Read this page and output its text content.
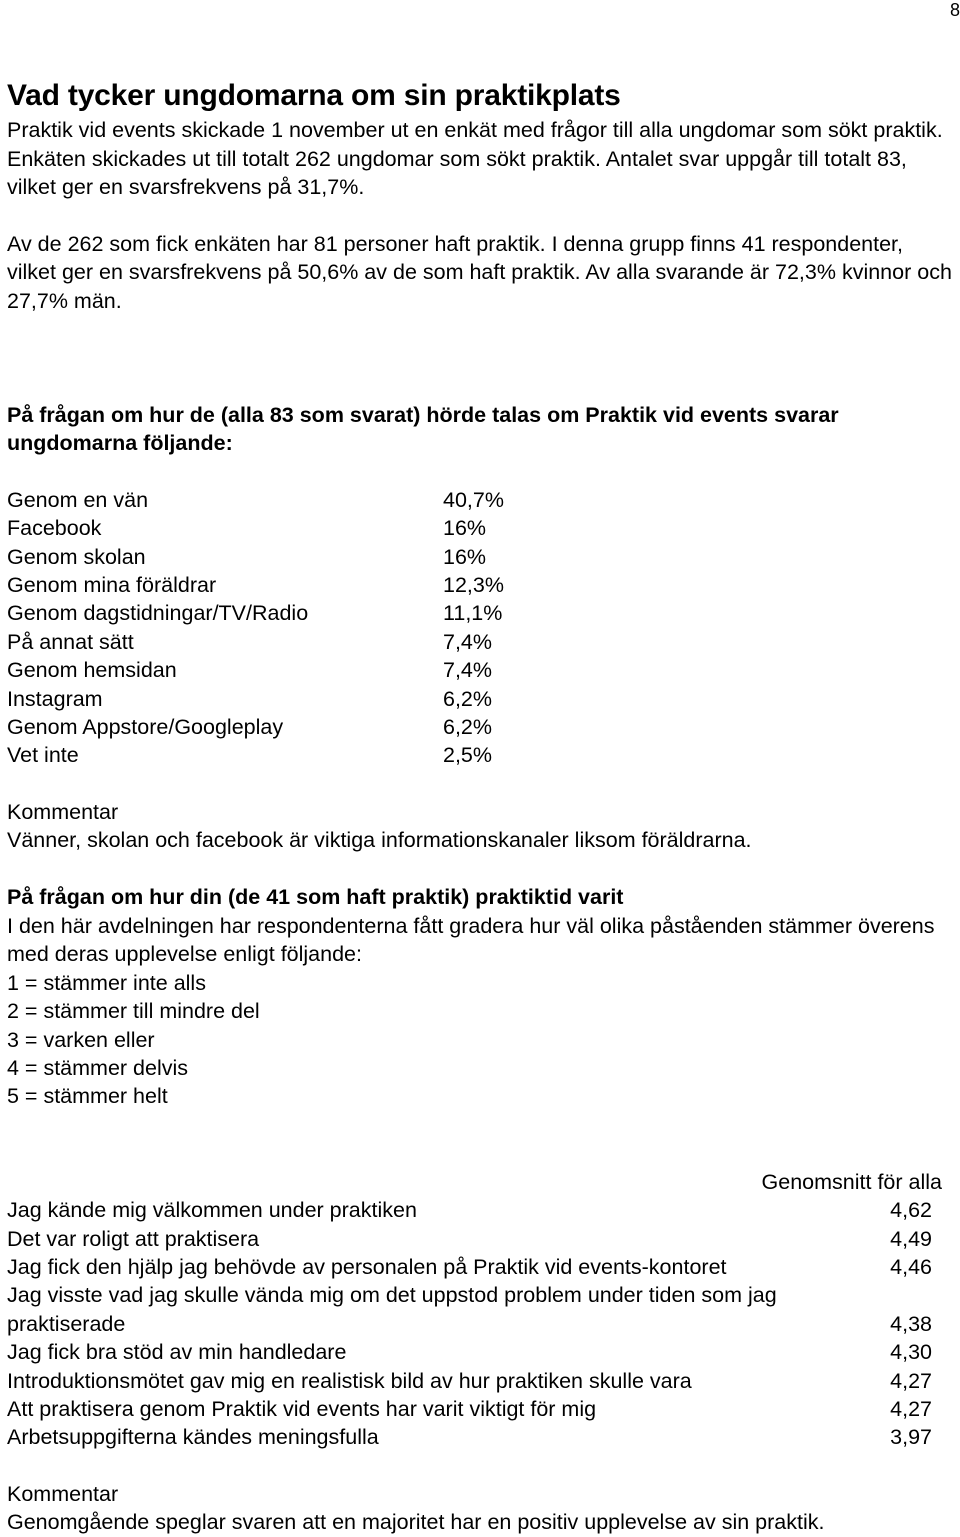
8
Vad tycker ungdomarna om sin praktikplats

Praktik vid events skickade 1 november ut en enkät med frågor till alla ungdomar som sökt praktik. Enkäten skickades ut till totalt 262 ungdomar som sökt praktik. Antalet svar uppgår till totalt 83, vilket ger en svarsfrekvens på 31,7%.

Av de 262 som fick enkäten har 81 personer haft praktik. I denna grupp finns 41 respondenter, vilket ger en svarsfrekvens på 50,6% av de som haft praktik. Av alla svarande är 72,3% kvinnor och 27,7% män.

På frågan om hur de (alla 83 som svarat) hörde talas om Praktik vid events svarar ungdomarna följande:

Genom en vän	40,7%
Facebook	16%
Genom skolan	16%
Genom mina föräldrar	12,3%
Genom dagstidningar/TV/Radio	11,1%
På annat sätt	7,4%
Genom hemsidan	7,4%
Instagram	6,2%
Genom Appstore/Googleplay	6,2%
Vet inte	2,5%

Kommentar

Vänner, skolan och facebook är viktiga informationskanaler liksom föräldrarna.

På frågan om hur din (de 41 som haft praktik) praktiktid varit

I den här avdelningen har respondenterna fått gradera hur väl olika påståenden stämmer överens med deras upplevelse enligt följande:

1 = stämmer inte alls
2 = stämmer till mindre del
3 = varken eller
4 = stämmer delvis
5 = stämmer helt
Genomsnitt för alla
Jag kände mig välkommen under praktiken	4,62
Det var roligt att praktisera	4,49
Jag fick den hjälp jag behövde av personalen på Praktik vid events-kontoret	4,46
Jag visste vad jag skulle vända mig om det uppstod problem under tiden som jag praktiserade	4,38
Jag fick bra stöd av min handledare	4,30
Introduktionsmötet gav mig en realistisk bild av hur praktiken skulle vara	4,27
Att praktisera genom Praktik vid events har varit viktigt för mig	4,27
Arbetsuppgifterna kändes meningsfulla	3,97

Kommentar

Genomgående speglar svaren att en majoritet har en positiv upplevelse av sin praktik.
